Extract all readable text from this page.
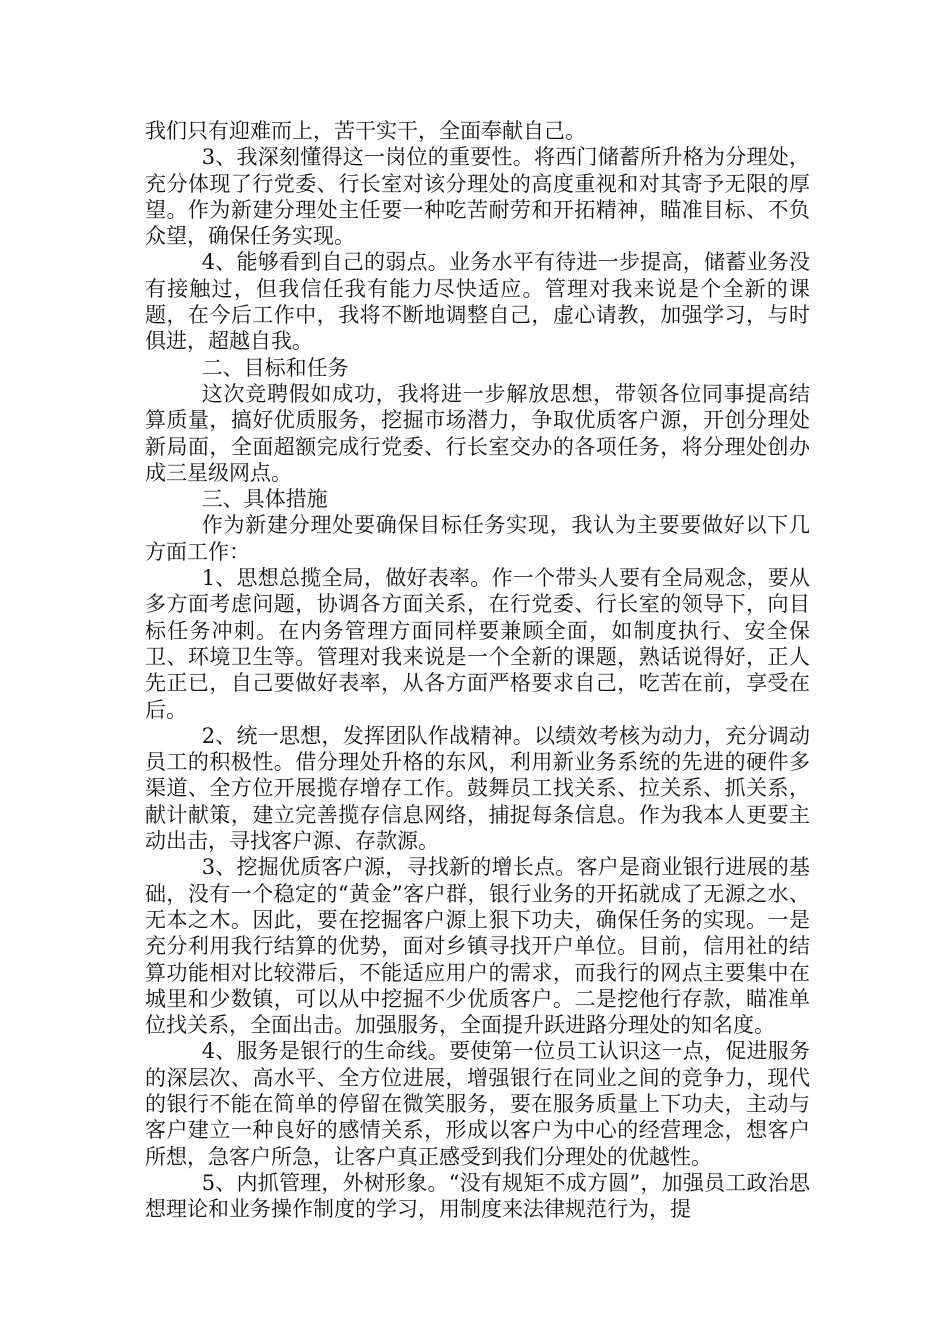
我们只有迎难而上，苦干实干，全面奉献自己。

3、我深刻懂得这一岗位的重要性。将西门储蓄所升格为分理处，充分体现了行党委、行长室对该分理处的高度重视和对其寄予无限的厚望。作为新建分理处主任要一种吃苦耐劳和开拓精神，瞄准目标、不负众望，确保任务实现。

4、能够看到自己的弱点。业务水平有待进一步提高，储蓄业务没有接触过，但我信任我有能力尽快适应。管理对我来说是个全新的课题，在今后工作中，我将不断地调整自己，虚心请教，加强学习，与时俱进，超越自我。

二、目标和任务

这次竞聘假如成功，我将进一步解放思想，带领各位同事提高结算质量，搞好优质服务，挖掘市场潜力，争取优质客户源，开创分理处新局面，全面超额完成行党委、行长室交办的各项任务，将分理处创办成三星级网点。

三、具体措施

作为新建分理处要确保目标任务实现，我认为主要要做好以下几方面工作：

1、思想总揽全局，做好表率。作一个带头人要有全局观念，要从多方面考虑问题，协调各方面关系，在行党委、行长室的领导下，向目标任务冲刺。在内务管理方面同样要兼顾全面，如制度执行、安全保卫、环境卫生等。管理对我来说是一个全新的课题，熟话说得好，正人先正已，自己要做好表率，从各方面严格要求自己，吃苦在前，享受在后。

2、统一思想，发挥团队作战精神。以绩效考核为动力，充分调动员工的积极性。借分理处升格的东风，利用新业务系统的先进的硬件多渠道、全方位开展揽存增存工作。鼓舞员工找关系、拉关系、抓关系，献计献策，建立完善揽存信息网络，捕捉每条信息。作为我本人更要主动出击，寻找客户源、存款源。

3、挖掘优质客户源，寻找新的增长点。客户是商业银行进展的基础，没有一个稳定的“黄金”客户群，银行业务的开拓就成了无源之水、无本之木。因此，要在挖掘客户源上狠下功夫，确保任务的实现。一是充分利用我行结算的优势，面对乡镇寻找开户单位。目前，信用社的结算功能相对比较滞后，不能适应用户的需求，而我行的网点主要集中在城里和少数镇，可以从中挖掘不少优质客户。二是挖他行存款，瞄准单位找关系，全面出击。加强服务，全面提升跃进路分理处的知名度。

4、服务是银行的生命线。要使第一位员工认识这一点，促进服务的深层次、高水平、全方位进展，增强银行在同业之间的竞争力，现代的银行不能在简单的停留在微笑服务，要在服务质量上下功夫，主动与客户建立一种良好的感情关系，形成以客户为中心的经营理念，想客户所想，急客户所急，让客户真正感受到我们分理处的优越性。

5、内抓管理，外树形象。“没有规矩不成方圆”，加强员工政治思想理论和业务操作制度的学习，用制度来法律规范行为，提
